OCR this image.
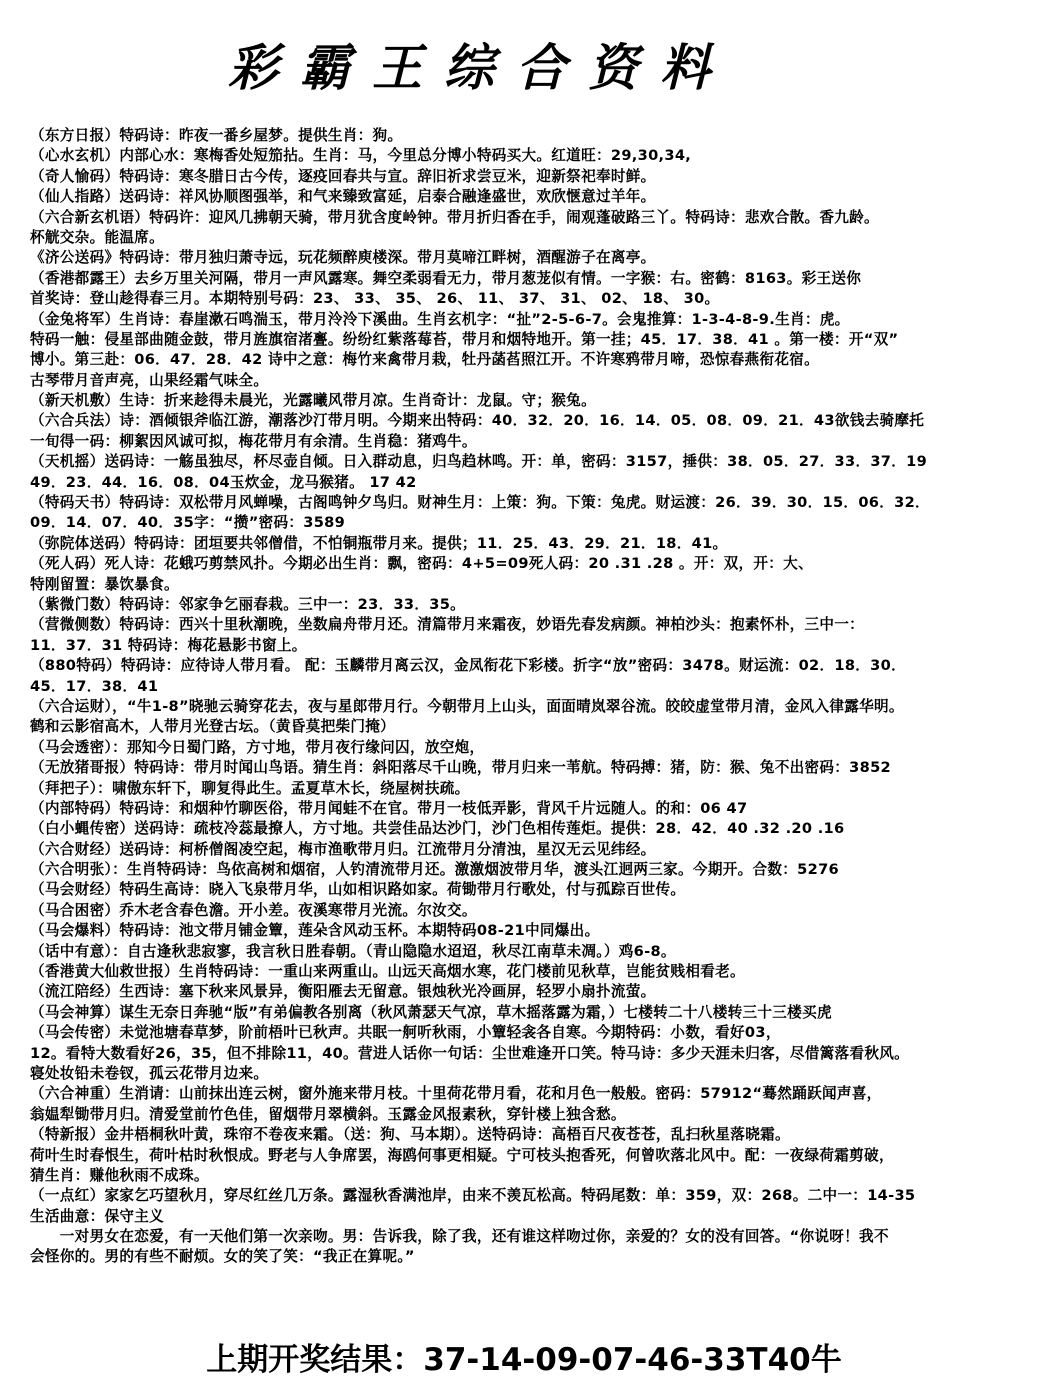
彩霸王综合资料
（东方日报）特码诗：昨夜一番乡屋梦。提供生肖：狗。
（心水玄机）内部心水：寒梅香处短笳拈。生肖：马，今里总分博小特码买大。红道旺：29,30,34,
（奇人愉码）特码诗：寒冬腊日古今传，逐疫回春共与宣。辞旧祈求尝豆米，迎新祭祀奉时鲜。
（仙人指路）送码诗：祥风协顺图强举，和气来臻致富延，启泰合融逢盛世，欢欣惬意过羊年。
（六合新玄机语）特码许：迎风几拂朝天骑，带月犹含度岭钟。带月折归香在手，闹观蓬破路三丫。特码诗：悲欢合散。香九龄。
杯觥交杂。能温席。
《济公送码》特码诗：带月独归萧寺远，玩花频醉庾楼深。带月莫啼江畔树，酒醒游子在离亭。
（香港都露王）去乡万里关河隔，带月一声风露寒。舞空柔弱看无力，带月葱茏似有情。一字猴：右。密鹤：8163。彩王送你
首奖诗：登山趁得春三月。本期特别号码：23、 33、 35、 26、 11、 37、 31、 02、 18、 30。
（金兔将军）生肖诗：春崖漱石鸣湍玉，带月泠泠下溪曲。生肖玄机字：“扯”2-5-6-7。会鬼推算：1-3-4-8-9.生肖：虎。
特码一触：侵星部曲随金鼓，带月旌旗宿渚亹。纷纷红紫落莓苔，带月和烟特地开。第一挂；45．17．38．41 。第一楼：开“双”
博小。第三赴：06．47．28．42 诗中之意：梅竹来禽带月栽，牡丹菡萏照江开。不许寒鸦带月啼，恐惊春燕衔花宿。
古琴带月音声亮，山果经霜气味全。
（新天机敷）生诗：折来趁得未晨光，光露曦风带月凉。生肖奇计：龙鼠。守；猴兔。
（六合兵法）诗：酒倾银斧临江游，潮落沙汀带月明。今期来出特码：40．32．20．16．14．05．08．09．21．43欲钱去骑摩托
一旬得一码：柳絮因风诚可拟，梅花带月有余清。生肖稳：猪鸡牛。
（天机摇）送码诗：一觞虽独尽，杯尽壶自倾。日入群动息，归鸟趋林鸣。开：单，密码：3157，捶供：38．05．27．33．37．19
49．23．44．16．08．04玉炊金，龙马猴猪。 17 42
（特码天书）特码诗：双松带月风蝉噪，古阁鸣钟夕鸟归。财神生月：上策：狗。下策：兔虎。财运渡：26．39．30．15．06．32．
09．14．07．40．35字：“攒”密码：3589
（弥院体送码）特码诗：团垣要共邻僧借，不怕铜瓶带月来。提供；11．25．43．29．21．18．41。
（死人码）死人诗：花蛾巧剪禁风扑。今期必出生肖：飘，密码：4+5=09死人码：20 .31 .28 。开：双，开：大、
特刚留置：暴饮暴食。
（紫微门数）特码诗：邻家争乞丽春栽。三中一：23．33．35。
（营微侧数）特码诗：西兴十里秋潮晚，坐数扁舟带月还。清篇带月来霜夜，妙语先春发病颜。神柏沙头：抱素怀朴，三中一：
11．37．31 特码诗：梅花悬影书窗上。
（880特码）特码诗：应待诗人带月看。 配：玉麟带月离云汉，金凤衔花下彩楼。折字“放”密码：3478。财运流：02．18．30．
45．17．38．41
（六合运财），“牛1-8”晓驰云骑穿花去，夜与星郎带月行。今朝带月上山头，面面晴岚翠谷流。皎皎虚堂带月清，金风入律露华明。
鹤和云影宿高木，人带月光登古坛。（黄昏莫把柴门掩）
（马会透密）：那知今日蜀门路，方寸地，带月夜行缘问囚，放空炮，
（无放猪哥报）特码诗：带月时闻山鸟语。猜生肖：斜阳落尽千山晚，带月归来一苇航。特码搏：猪，防：猴、兔不出密码：3852
（拜把子）：啸傲东轩下，聊复得此生。孟夏草木长，绕屋树扶疏。
（内部特码）特码诗：和烟种竹聊医俗，带月闻蛙不在官。带月一枝低弄影，背风千片远随人。的和：06 47
（白小蝿传密）送码诗：疏枝冷蕊最撩人，方寸地。共尝佳品达沙门，沙门色相传莲炬。提供：28．42．40 .32 .20 .16
（六合财经）送码诗：柯桥僧阁凌空起，梅市渔歌带月归。江流带月分清浊，星汉无云见纬经。
（六合明张）：生肖特码诗：鸟依高树和烟宿，人钓清流带月还。激激烟波带月华，渡头江迥两三家。今期开。合数：5276
（马会财经）特码生高诗：晓入飞泉带月华，山如相识路如家。荷锄带月行歌处，付与孤踪百世传。
（马合困密）乔木老含春色澹。开小差。夜溪寒带月光流。尔汝交。
（马会爆料）特码诗：池文带月铺金簟，莲朵含风动玉杯。本期特码08-21中同爆出。
（话中有意）：自古逢秋悲寂寥，我言秋日胜春朝。（青山隐隐水迢迢，秋尽江南草未凋。）鸡6-8。
（香港黄大仙救世报）生肖特码诗：一重山来两重山。山远天高烟水寒，花门楼前见秋草，岂能贫贱相看老。
（流江陪经）生西诗：塞下秋来风景异，衡阳雁去无留意。银烛秋光冷画屏，轻罗小扇扑流萤。
（马会神算）谋生无奈日奔驰“版”有弟偏教各别离（秋风萧瑟天气凉，草木摇落露为霜，）七楼转二十八楼转三十三楼买虎
（马会传密）未觉池塘春草梦，阶前梧叶已秋声。共眠一舸听秋雨，小簟轻衾各自寒。今期特码：小数，看好03，
12。看特大数看好26，35，但不排除11，40。营进人话你一句话：尘世难逢开口笑。特马诗：多少天涯未归客，尽借篱落看秋风。
寝处妆铅未卷钗，孤云花带月边来。
（六合神重）生消请：山前抹出连云树，窗外施来带月枝。十里荷花带月看，花和月色一般般。密码：57912“蓦然踊跃闻声喜，
翁媪犁锄带月归。清爱堂前竹色佳，留烟带月翠横斜。玉露金风报素秋，穿针楼上独含愁。
（特新报）金井梧桐秋叶黄，珠帘不卷夜来霜。（送：狗、马本期）。送特码诗：高梧百尺夜苍苍，乱扫秋星落晓霜。
荷叶生时春恨生，荷叶枯时秋恨成。野老与人争席罢，海鸥何事更相疑。宁可枝头抱香死，何曾吹落北风中。配：一夜绿荷霜剪破，
猜生肖：赚他秋雨不成珠。
（一点红）家家乞巧望秋月，穿尽红丝几万条。露湿秋香满池岸，由来不羡瓦松高。特码尾数：单：359，双：268。二中一：14-35
生活曲意：保守主义
　　一对男女在恋爱，有一天他们第一次亲吻。男：告诉我，除了我，还有谁这样吻过你，亲爱的？女的没有回答。“你说呀！我不
会怪你的。男的有些不耐烦。女的笑了笑：“我正在算呢。”
上期开奖结果：37-14-09-07-46-33T40牛
